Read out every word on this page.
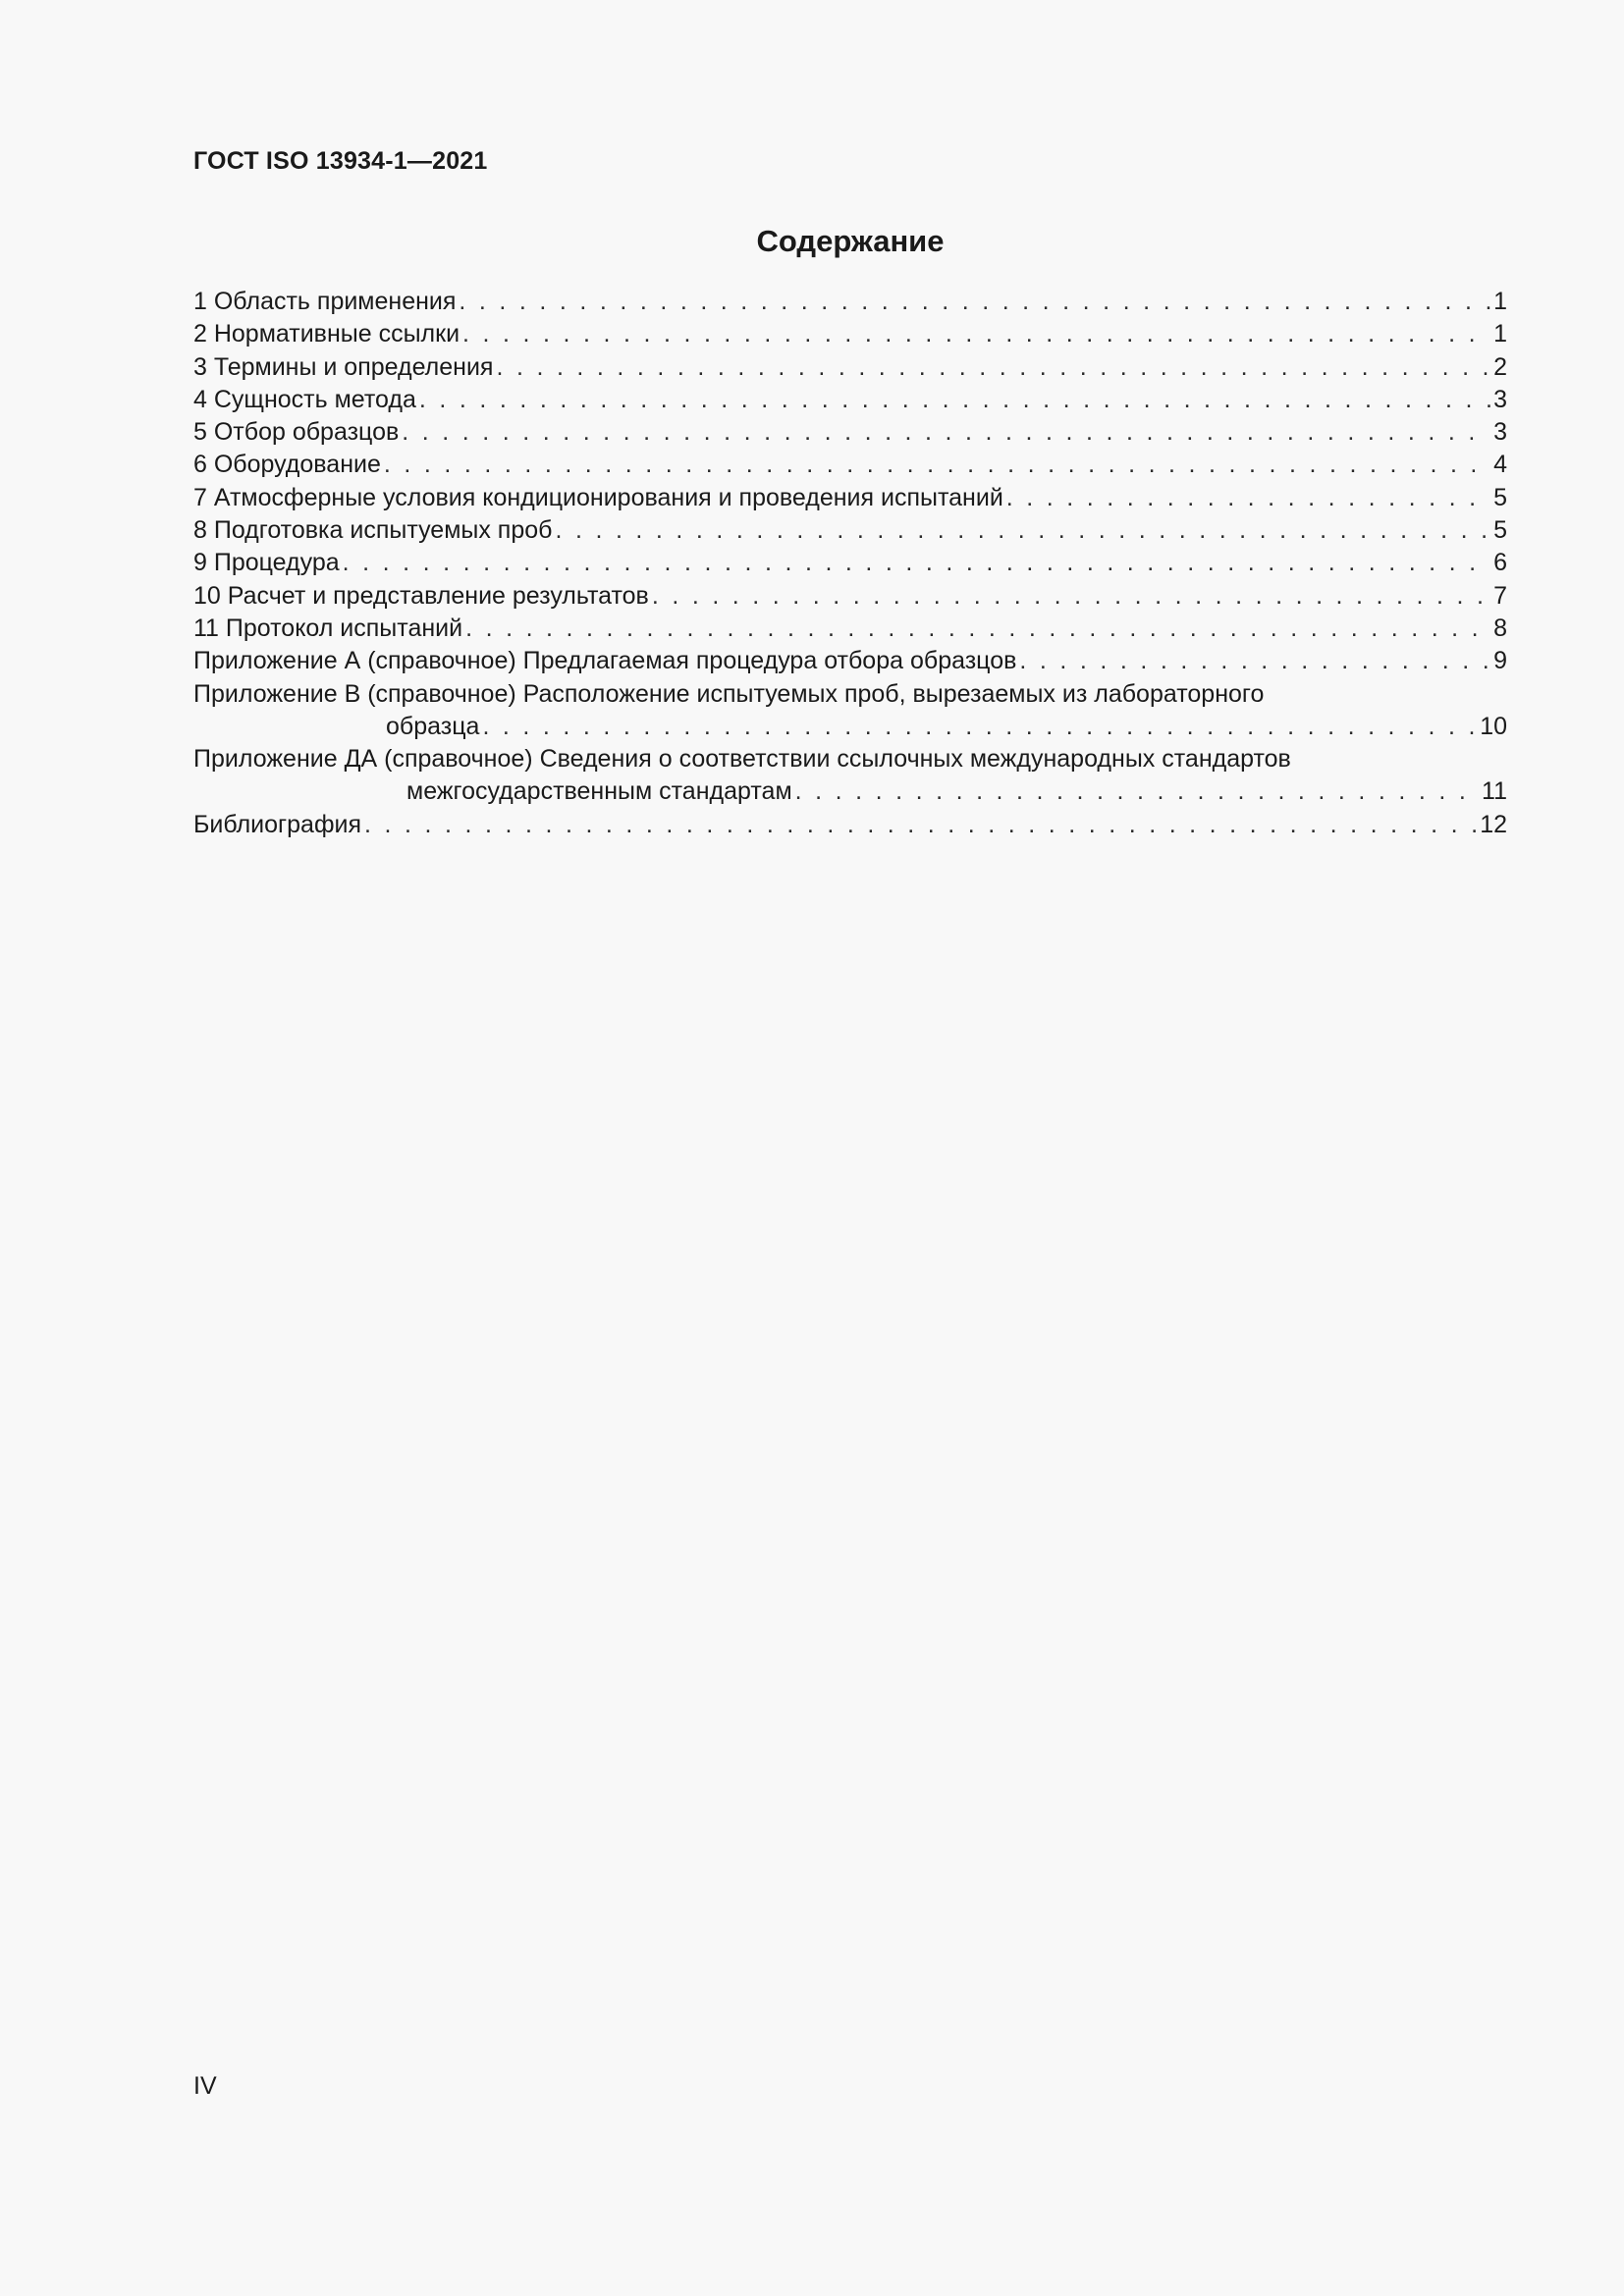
ГОСТ ISO 13934-1—2021
Содержание
1 Область применения . . .	1
2 Нормативные ссылки . . .	1
3 Термины и определения . . .	2
4 Сущность метода . . .	3
5 Отбор образцов . . .	3
6 Оборудование . . .	4
7 Атмосферные условия кондиционирования и проведения испытаний . . .	5
8 Подготовка испытуемых проб . . .	5
9 Процедура . . .	6
10 Расчет и представление результатов . . .	7
11 Протокол испытаний . . .	8
Приложение А (справочное) Предлагаемая процедура отбора образцов . . .	9
Приложение В (справочное) Расположение испытуемых проб, вырезаемых из лабораторного
образца . . .	10
Приложение ДА (справочное) Сведения о соответствии ссылочных международных стандартов
межгосударственным стандартам . . .	11
Библиография . . .	12
IV
